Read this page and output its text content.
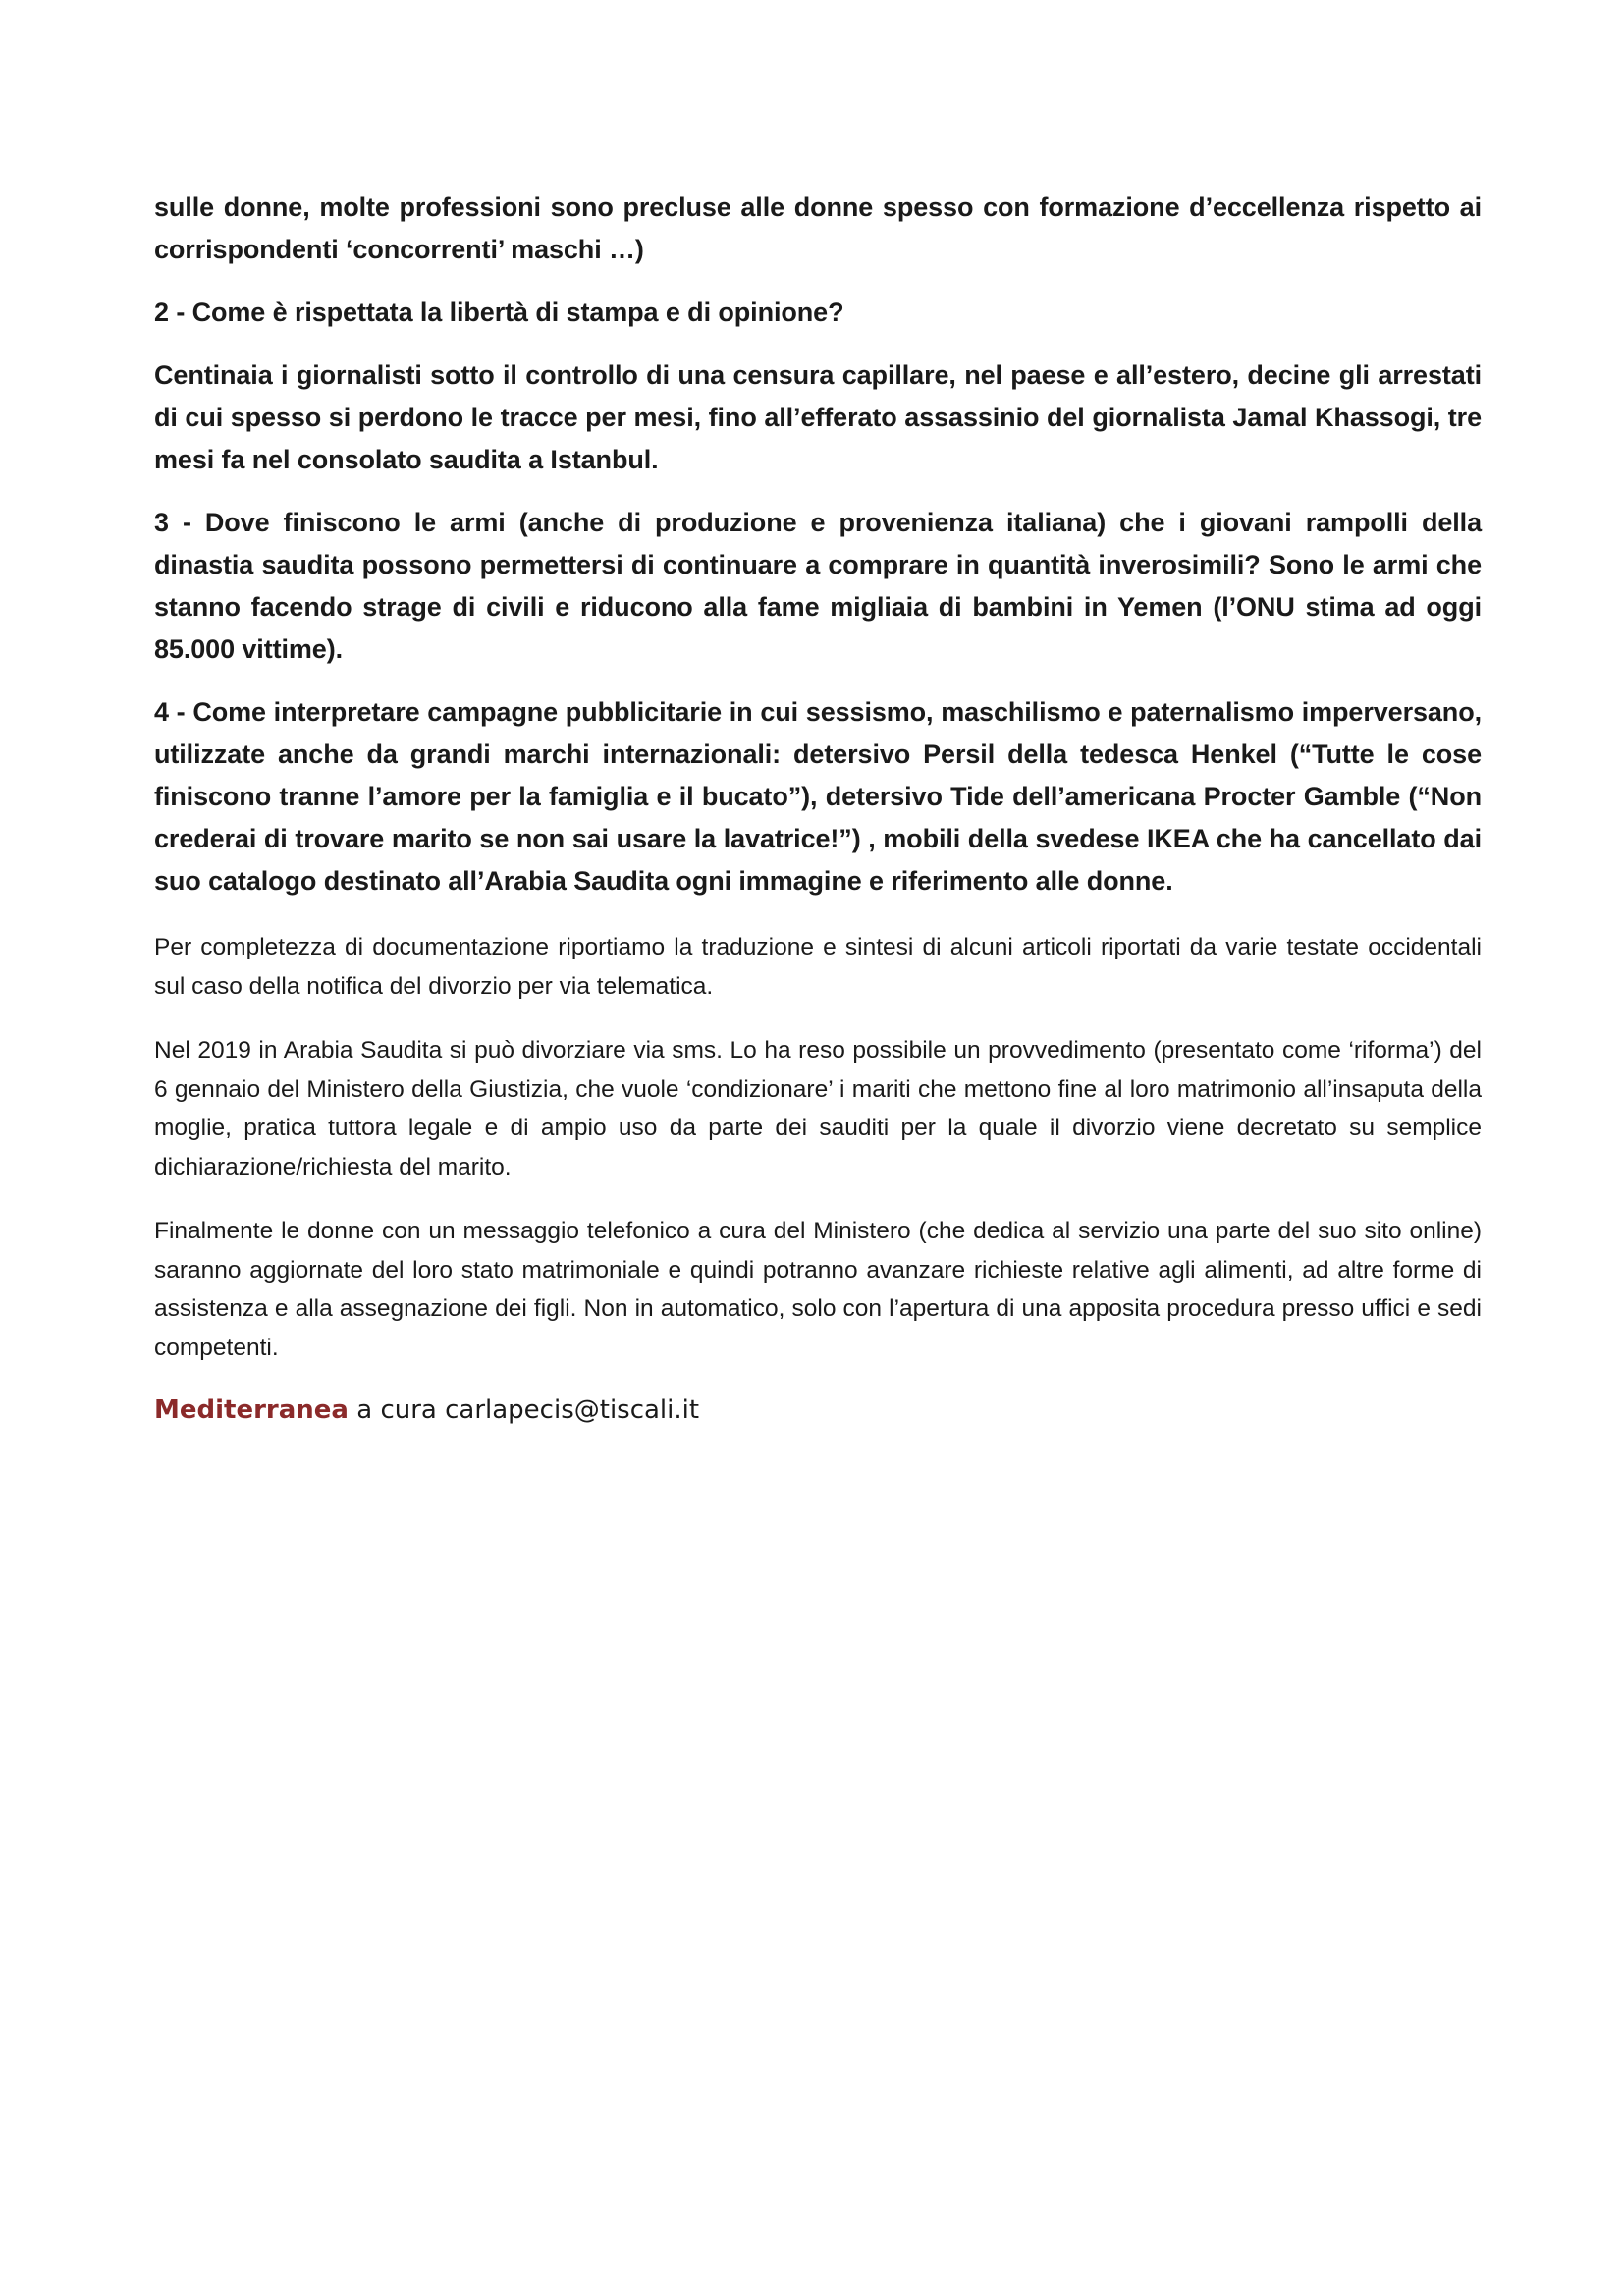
sulle donne, molte professioni sono precluse alle donne spesso con formazione d’eccellenza rispetto ai corrispondenti ‘concorrenti’ maschi …)

2 - Come è rispettata la libertà di stampa e di opinione?

Centinaia i giornalisti sotto il controllo di una censura capillare, nel paese e all’estero, decine gli arrestati di cui spesso si perdono le tracce per mesi, fino all’efferato assassinio del giornalista Jamal Khassogi, tre mesi fa nel consolato saudita a Istanbul.

3 - Dove finiscono le armi (anche di produzione e provenienza italiana) che i giovani rampolli della dinastia saudita possono permettersi di continuare a comprare in quantità inverosimili? Sono le armi che stanno facendo strage di civili e riducono alla fame migliaia di bambini in Yemen (l’ONU stima ad oggi 85.000 vittime).

4 - Come interpretare campagne pubblicitarie in cui sessismo, maschilismo e paternalismo imperversano, utilizzate anche da grandi marchi internazionali: detersivo Persil della tedesca Henkel (“Tutte le cose finiscono tranne l’amore per la famiglia e il bucato”), detersivo Tide dell’americana Procter Gamble (“Non crederai di trovare marito se non sai usare la lavatrice!”) , mobili della svedese IKEA che ha cancellato dai suo catalogo destinato all’Arabia Saudita ogni immagine e riferimento alle donne.

Per completezza di documentazione riportiamo la traduzione e sintesi di alcuni articoli riportati da varie testate occidentali sul caso della notifica del divorzio per via telematica.

Nel 2019 in Arabia Saudita si può divorziare via sms. Lo ha reso possibile un provvedimento (presentato come ‘riforma’) del 6 gennaio del Ministero della Giustizia, che vuole ‘condizionare’ i mariti che mettono fine al loro matrimonio all’insaputa della moglie, pratica tuttora legale e di ampio uso da parte dei sauditi per la quale il divorzio viene decretato su semplice dichiarazione/richiesta del marito.

Finalmente le donne con un messaggio telefonico a cura del Ministero (che dedica al servizio una parte del suo sito online) saranno aggiornate del loro stato matrimoniale e quindi potranno avanzare richieste relative agli alimenti, ad altre forme di assistenza e alla assegnazione dei figli. Non in automatico, solo con l’apertura di una apposita procedura presso uffici e sedi competenti.

Mediterranea a cura carlapecis@tiscali.it
